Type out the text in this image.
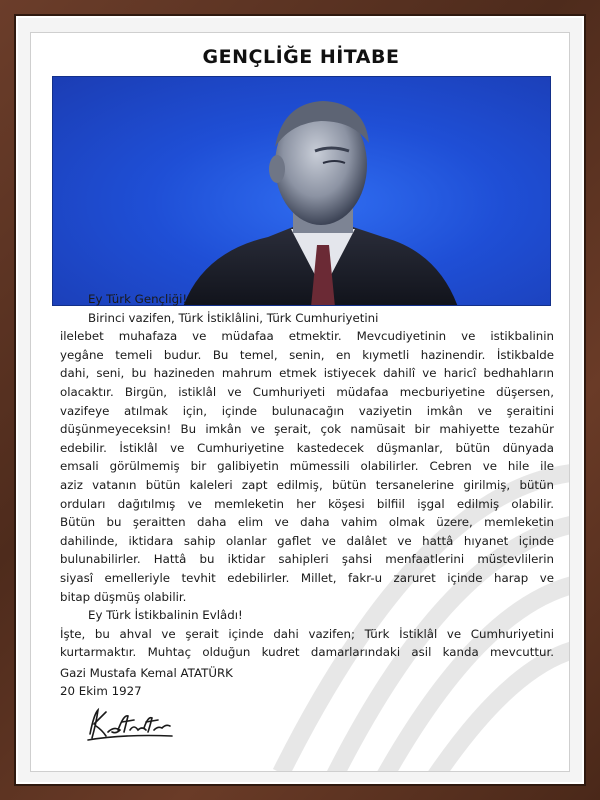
GENÇLİĞE HİTABE

Ey Türk Gençliği!

Birinci vazifen, Türk İstiklâlini, Türk Cumhuriyetini

ilelebet muhafaza ve müdafaa etmektir. Mevcudiyetinin ve istikbalinin

yegâne temeli budur. Bu temel, senin, en kıymetli hazinendir. İstikbalde

dahi, seni, bu hazineden mahrum etmek istiyecek dahilî ve haricî bedhahların

olacaktır. Birgün, istiklâl ve Cumhuriyeti müdafaa mecburiyetine düşersen,

vazifeye atılmak için, içinde bulunacağın vaziyetin imkân ve şeraitini

düşünmeyeceksin! Bu imkân ve şerait, çok namüsait bir mahiyette tezahür

edebilir. İstiklâl ve Cumhuriyetine kastedecek düşmanlar, bütün dünyada

emsali görülmemiş bir galibiyetin mümessili olabilirler. Cebren ve hile ile

aziz vatanın bütün kaleleri zapt edilmiş, bütün tersanelerine girilmiş, bütün

orduları dağıtılmış ve memleketin her köşesi bilfiil işgal edilmiş olabilir.

Bütün bu şeraitten daha elim ve daha vahim olmak üzere, memleketin

dahilinde, iktidara sahip olanlar gaflet ve dalâlet ve hattâ hıyanet içinde

bulunabilirler. Hattâ bu iktidar sahipleri şahsi menfaatlerini müstevlilerin

siyasî emelleriyle tevhit edebilirler. Millet, fakr-u zaruret içinde harap ve

bitap düşmüş olabilir.

Ey Türk İstikbalinin Evlâdı!

İşte, bu ahval ve şerait içinde dahi vazifen; Türk İstiklâl ve Cumhuriyetini

kurtarmaktır. Muhtaç olduğun kudret damarlarındaki asil kanda mevcuttur.

Gazi Mustafa Kemal ATATÜRK

20 Ekim 1927
